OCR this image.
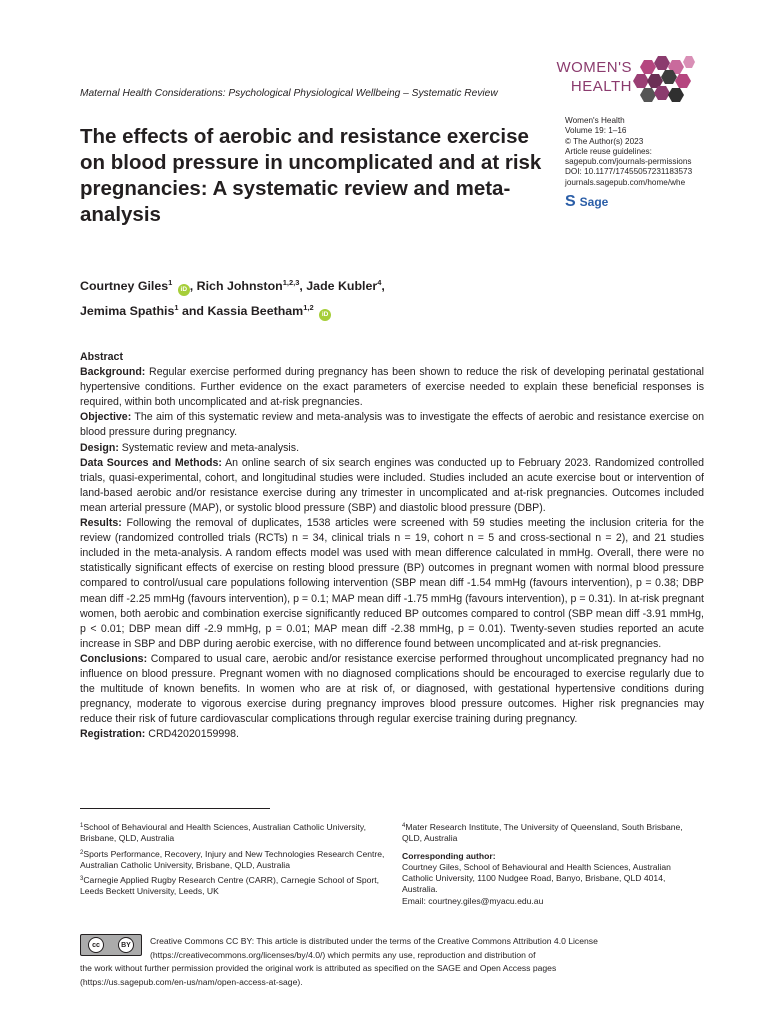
Maternal Health Considerations: Psychological Physiological Wellbeing – Systematic Review
WOMEN'S
HEALTH
Women's Health
Volume 19: 1–16
© The Author(s) 2023
Article reuse guidelines:
sagepub.com/journals-permissions
DOI: 10.1177/17455057231183573
journals.sagepub.com/home/whe
S Sage
The effects of aerobic and resistance exercise on blood pressure in uncomplicated and at risk pregnancies: A systematic review and meta-analysis
Courtney Giles$^1$ iD , Rich Johnston$^{1,2,3}$, Jade Kubler$^4$,
Jemima Spathis$^1$ and Kassia Beetham$^{1,2}$ iD

Abstract

Background: Regular exercise performed during pregnancy has been shown to reduce the risk of developing perinatal gestational hypertensive conditions. Further evidence on the exact parameters of exercise needed to explain these beneficial responses is required, within both uncomplicated and at-risk pregnancies.

Objective: The aim of this systematic review and meta-analysis was to investigate the effects of aerobic and resistance exercise on blood pressure during pregnancy.

Design: Systematic review and meta-analysis.

Data Sources and Methods: An online search of six search engines was conducted up to February 2023. Randomized controlled trials, quasi-experimental, cohort, and longitudinal studies were included. Studies included an acute exercise bout or intervention of land-based aerobic and/or resistance exercise during any trimester in uncomplicated and at-risk pregnancies. Outcomes included mean arterial pressure (MAP), or systolic blood pressure (SBP) and diastolic blood pressure (DBP).

Results: Following the removal of duplicates, 1538 articles were screened with 59 studies meeting the inclusion criteria for the review (randomized controlled trials (RCTs) n = 34, clinical trials n = 19, cohort n = 5 and cross-sectional n = 2), and 21 studies included in the meta-analysis. A random effects model was used with mean difference calculated in mmHg. Overall, there were no statistically significant effects of exercise on resting blood pressure (BP) outcomes in pregnant women with normal blood pressure compared to control/usual care populations following intervention (SBP mean diff -1.54 mmHg (favours intervention), p = 0.38; DBP mean diff -2.25 mmHg (favours intervention), p = 0.1; MAP mean diff -1.75 mmHg (favours intervention), p = 0.31). In at-risk pregnant women, both aerobic and combination exercise significantly reduced BP outcomes compared to control (SBP mean diff -3.91 mmHg, p < 0.01; DBP mean diff -2.9 mmHg, p = 0.01; MAP mean diff -2.38 mmHg, p = 0.01). Twenty-seven studies reported an acute increase in SBP and DBP during aerobic exercise, with no difference found between uncomplicated and at-risk pregnancies.

Conclusions: Compared to usual care, aerobic and/or resistance exercise performed throughout uncomplicated pregnancy had no influence on blood pressure. Pregnant women with no diagnosed complications should be encouraged to exercise regularly due to the multitude of known benefits. In women who are at risk of, or diagnosed, with gestational hypertensive conditions during pregnancy, moderate to vigorous exercise during pregnancy improves blood pressure outcomes. Higher risk pregnancies may reduce their risk of future cardiovascular complications through regular exercise training during pregnancy.

Registration: CRD42020159998.

$^1$School of Behavioural and Health Sciences, Australian Catholic University, Brisbane, QLD, Australia
$^2$Sports Performance, Recovery, Injury and New Technologies Research Centre, Australian Catholic University, Brisbane, QLD, Australia
$^3$Carnegie Applied Rugby Research Centre (CARR), Carnegie School of Sport, Leeds Beckett University, Leeds, UK
$^4$Mater Research Institute, The University of Queensland, South Brisbane, QLD, Australia
Corresponding author:
Courtney Giles, School of Behavioural and Health Sciences, Australian Catholic University, 1100 Nudgee Road, Banyo, Brisbane, QLD 4014, Australia.
Email: courtney.giles@myacu.edu.au
cc	BY	Creative Commons CC BY: This article is distributed under the terms of the Creative Commons Attribution 4.0 License
(https://creativecommons.org/licenses/by/4.0/) which permits any use, reproduction and distribution of
the work without further permission provided the original work is attributed as specified on the SAGE and Open Access pages
(https://us.sagepub.com/en-us/nam/open-access-at-sage).
